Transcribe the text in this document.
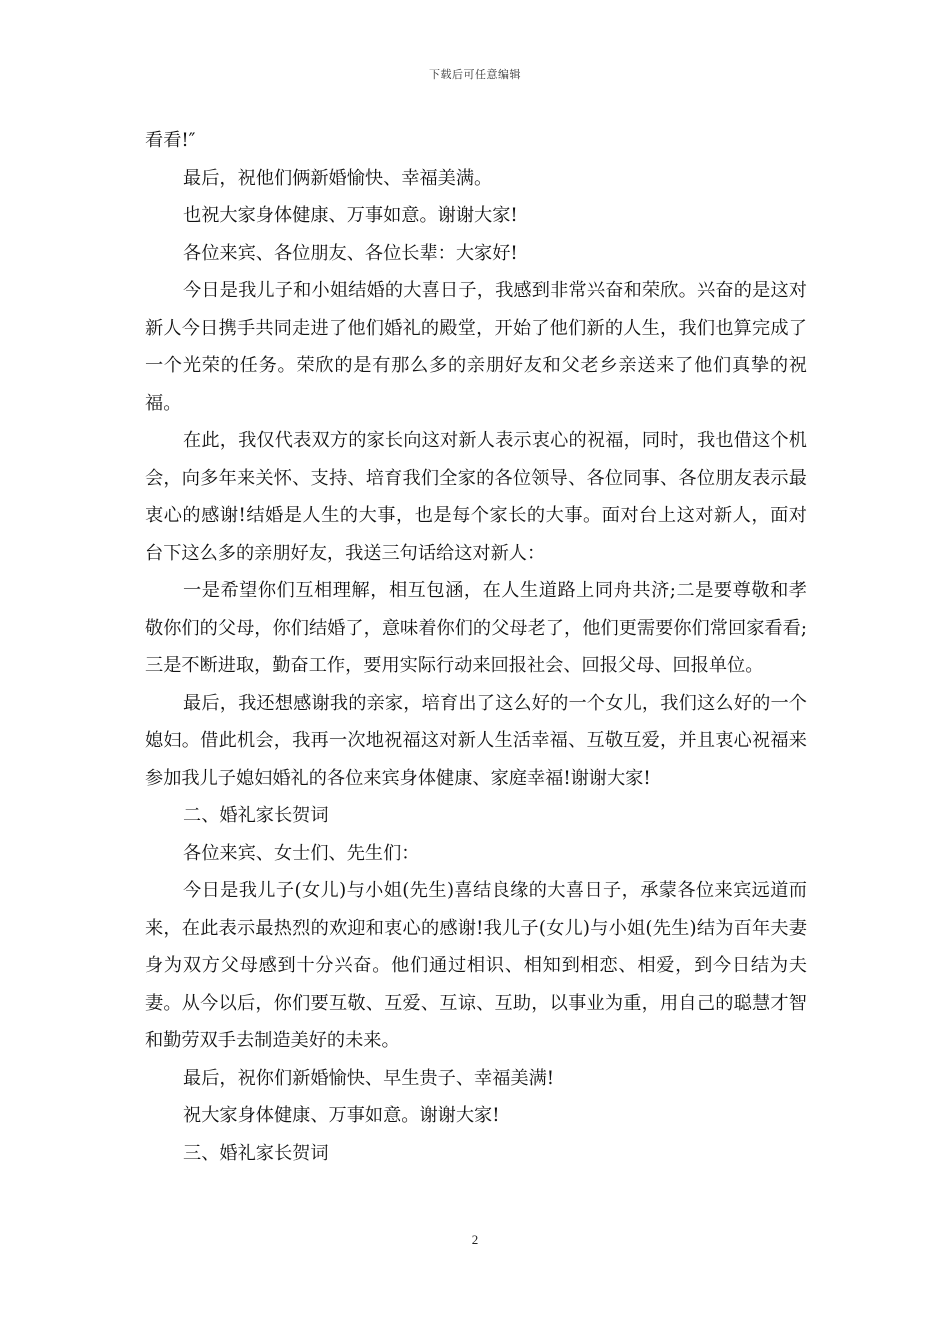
下载后可任意编辑

看看!″

最后，祝他们俩新婚愉快、幸福美满。

也祝大家身体健康、万事如意。谢谢大家!

各位来宾、各位朋友、各位长辈：大家好!

今日是我儿子和小姐结婚的大喜日子，我感到非常兴奋和荣欣。兴奋的是这对新人今日携手共同走进了他们婚礼的殿堂，开始了他们新的人生，我们也算完成了一个光荣的任务。荣欣的是有那么多的亲朋好友和父老乡亲送来了他们真挚的祝福。

在此，我仅代表双方的家长向这对新人表示衷心的祝福，同时，我也借这个机会，向多年来关怀、支持、培育我们全家的各位领导、各位同事、各位朋友表示最衷心的感谢!结婚是人生的大事，也是每个家长的大事。面对台上这对新人，面对台下这么多的亲朋好友，我送三句话给这对新人：

一是希望你们互相理解，相互包涵，在人生道路上同舟共济;二是要尊敬和孝敬你们的父母，你们结婚了，意味着你们的父母老了，他们更需要你们常回家看看;三是不断进取，勤奋工作，要用实际行动来回报社会、回报父母、回报单位。

最后，我还想感谢我的亲家，培育出了这么好的一个女儿，我们这么好的一个媳妇。借此机会，我再一次地祝福这对新人生活幸福、互敬互爱，并且衷心祝福来参加我儿子媳妇婚礼的各位来宾身体健康、家庭幸福!谢谢大家!

二、婚礼家长贺词

各位来宾、女士们、先生们：

今日是我儿子(女儿)与小姐(先生)喜结良缘的大喜日子，承蒙各位来宾远道而来，在此表示最热烈的欢迎和衷心的感谢!我儿子(女儿)与小姐(先生)结为百年夫妻身为双方父母感到十分兴奋。他们通过相识、相知到相恋、相爱，到今日结为夫妻。从今以后，你们要互敬、互爱、互谅、互助，以事业为重，用自己的聪慧才智和勤劳双手去制造美好的未来。

最后，祝你们新婚愉快、早生贵子、幸福美满!

祝大家身体健康、万事如意。谢谢大家!

三、婚礼家长贺词

2
